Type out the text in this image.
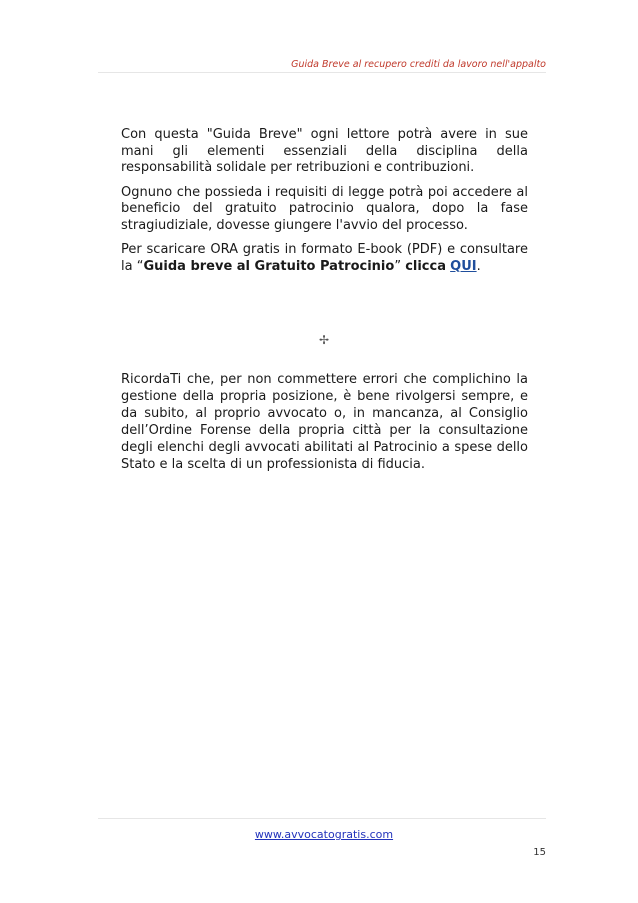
Guida Breve al recupero crediti da lavoro nell'appalto

Con questa "Guida Breve" ogni lettore potrà avere in sue mani gli elementi essenziali della disciplina della responsabilità solidale per retribuzioni e contribuzioni.

Ognuno che possieda i requisiti di legge potrà poi accedere al beneficio del gratuito patrocinio qualora, dopo la fase stragiudiziale, dovesse giungere l'avvio del processo.

Per scaricare ORA gratis in formato E-book (PDF) e consultare la “Guida breve al Gratuito Patrocinio” clicca QUI.

✢

RicordaTi che, per non commettere errori che complichino la gestione della propria posizione, è bene rivolgersi sempre, e da subito, al proprio avvocato o, in mancanza, al Consiglio dell’Ordine Forense della propria città per la consultazione degli elenchi degli avvocati abilitati al Patrocinio a spese dello Stato e la scelta di un professionista di fiducia.

www.avvocatogratis.com
15
